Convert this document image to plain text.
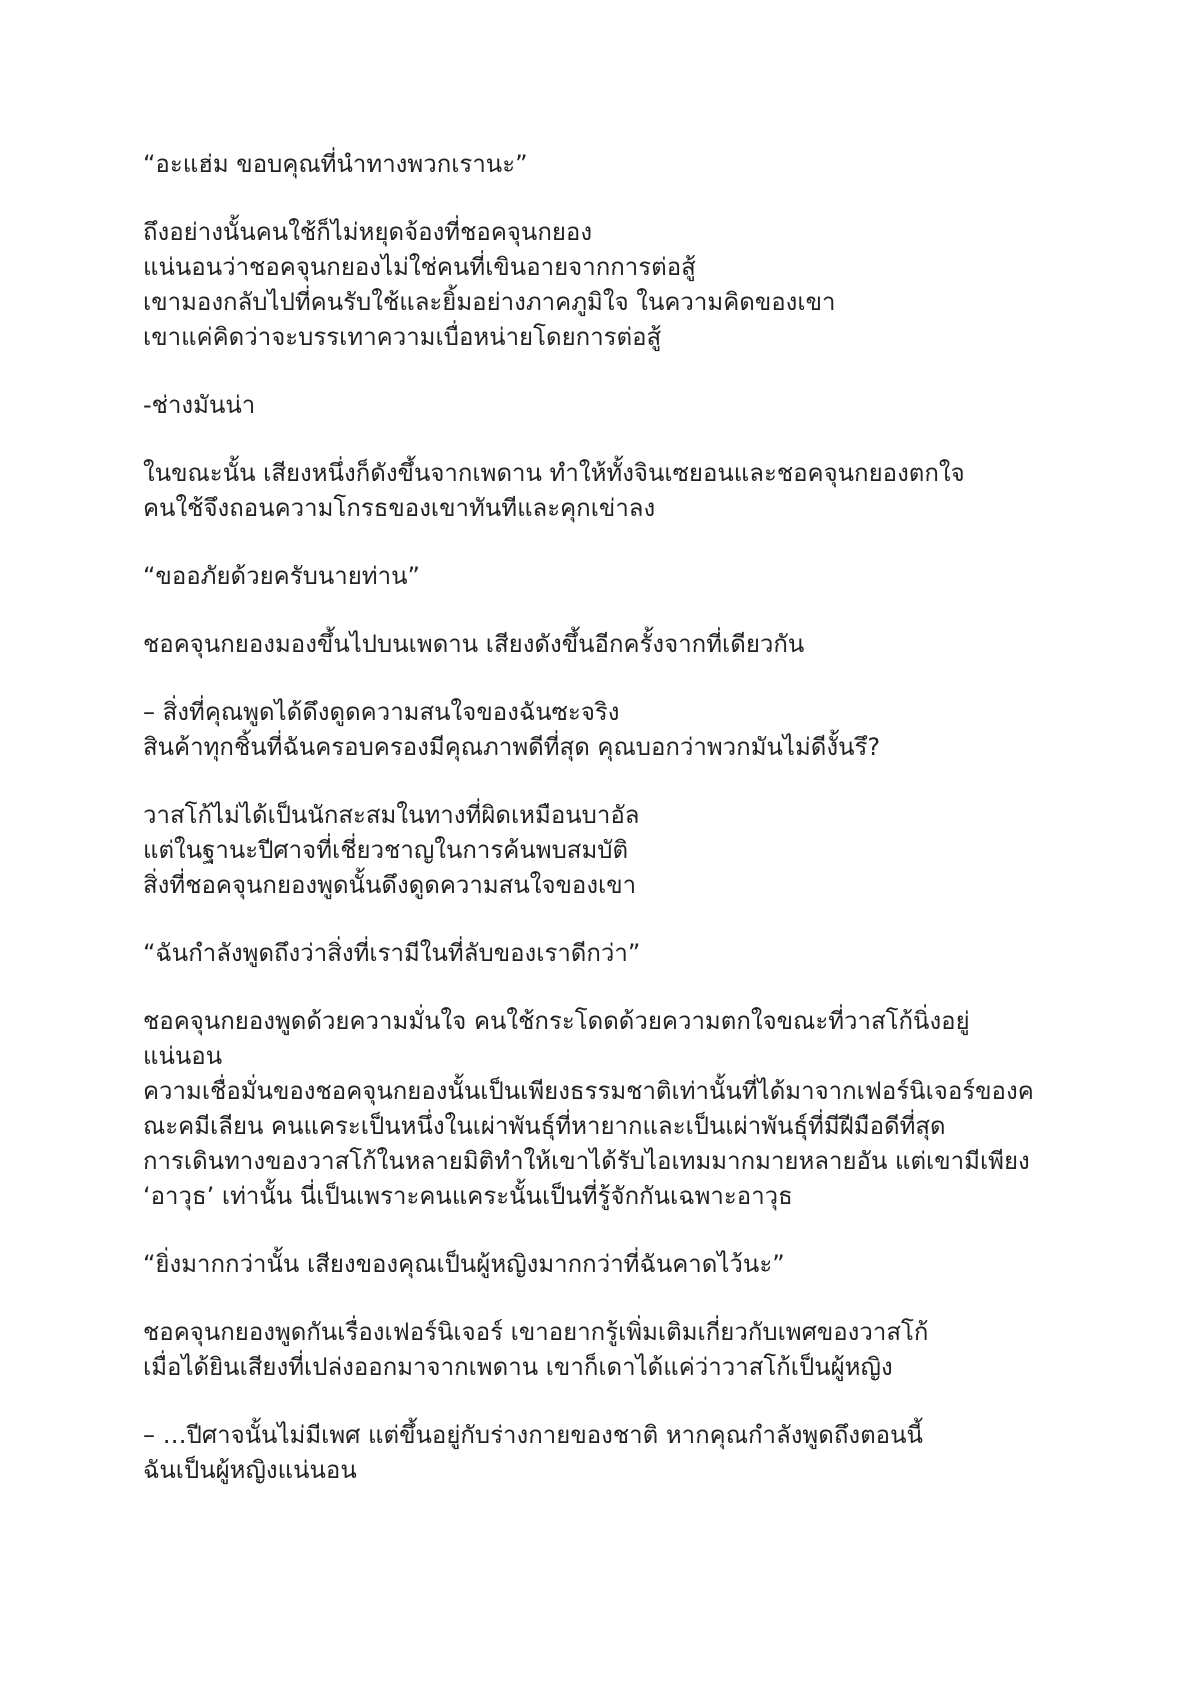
“อะแฮ่ม ขอบคุณที่นำทางพวกเรานะ”

ถึงอย่างนั้นคนใช้ก็ไม่หยุดจ้องที่ชอคจุนกยอง
แน่นอนว่าชอคจุนกยองไม่ใช่คนที่เขินอายจากการต่อสู้
เขามองกลับไปที่คนรับใช้และยิ้มอย่างภาคภูมิใจ ในความคิดของเขา
เขาแค่คิดว่าจะบรรเทาความเบื่อหน่ายโดยการต่อสู้

-ช่างมันน่า

ในขณะนั้น เสียงหนึ่งก็ดังขึ้นจากเพดาน ทำให้ทั้งจินเซยอนและชอคจุนกยองตกใจ
คนใช้จึงถอนความโกรธของเขาทันทีและคุกเข่าลง

“ขออภัยด้วยครับนายท่าน”

ชอคจุนกยองมองขึ้นไปบนเพดาน เสียงดังขึ้นอีกครั้งจากที่เดียวกัน

– สิ่งที่คุณพูดได้ดึงดูดความสนใจของฉันซะจริง
สินค้าทุกชิ้นที่ฉันครอบครองมีคุณภาพดีที่สุด คุณบอกว่าพวกมันไม่ดีงั้นรึ?

วาสโก้ไม่ได้เป็นนักสะสมในทางที่ผิดเหมือนบาอัล
แต่ในฐานะปีศาจที่เชี่ยวชาญในการค้นพบสมบัติ
สิ่งที่ชอคจุนกยองพูดนั้นดึงดูดความสนใจของเขา

“ฉันกำลังพูดถึงว่าสิ่งที่เรามีในที่ลับของเราดีกว่า”

ชอคจุนกยองพูดด้วยความมั่นใจ คนใช้กระโดดด้วยความตกใจขณะที่วาสโก้นิ่งอยู่
แน่นอน
ความเชื่อมั่นของชอคจุนกยองนั้นเป็นเพียงธรรมชาติเท่านั้นที่ได้มาจากเฟอร์นิเจอร์ของค
ณะคมีเลียน คนแคระเป็นหนึ่งในเผ่าพันธุ์ที่หายากและเป็นเผ่าพันธุ์ที่มีฝีมือดีที่สุด
การเดินทางของวาสโก้ในหลายมิติทำให้เขาได้รับไอเทมมากมายหลายอัน แต่เขามีเพียง
‘อาวุธ’ เท่านั้น นี่เป็นเพราะคนแคระนั้นเป็นที่รู้จักกันเฉพาะอาวุธ

“ยิ่งมากกว่านั้น เสียงของคุณเป็นผู้หญิงมากกว่าที่ฉันคาดไว้นะ”

ชอคจุนกยองพูดกันเรื่องเฟอร์นิเจอร์ เขาอยากรู้เพิ่มเติมเกี่ยวกับเพศของวาสโก้
เมื่อได้ยินเสียงที่เปล่งออกมาจากเพดาน เขาก็เดาได้แค่ว่าวาสโก้เป็นผู้หญิง

– …ปีศาจนั้นไม่มีเพศ แต่ขึ้นอยู่กับร่างกายของชาติ หากคุณกำลังพูดถึงตอนนี้
ฉันเป็นผู้หญิงแน่นอน
